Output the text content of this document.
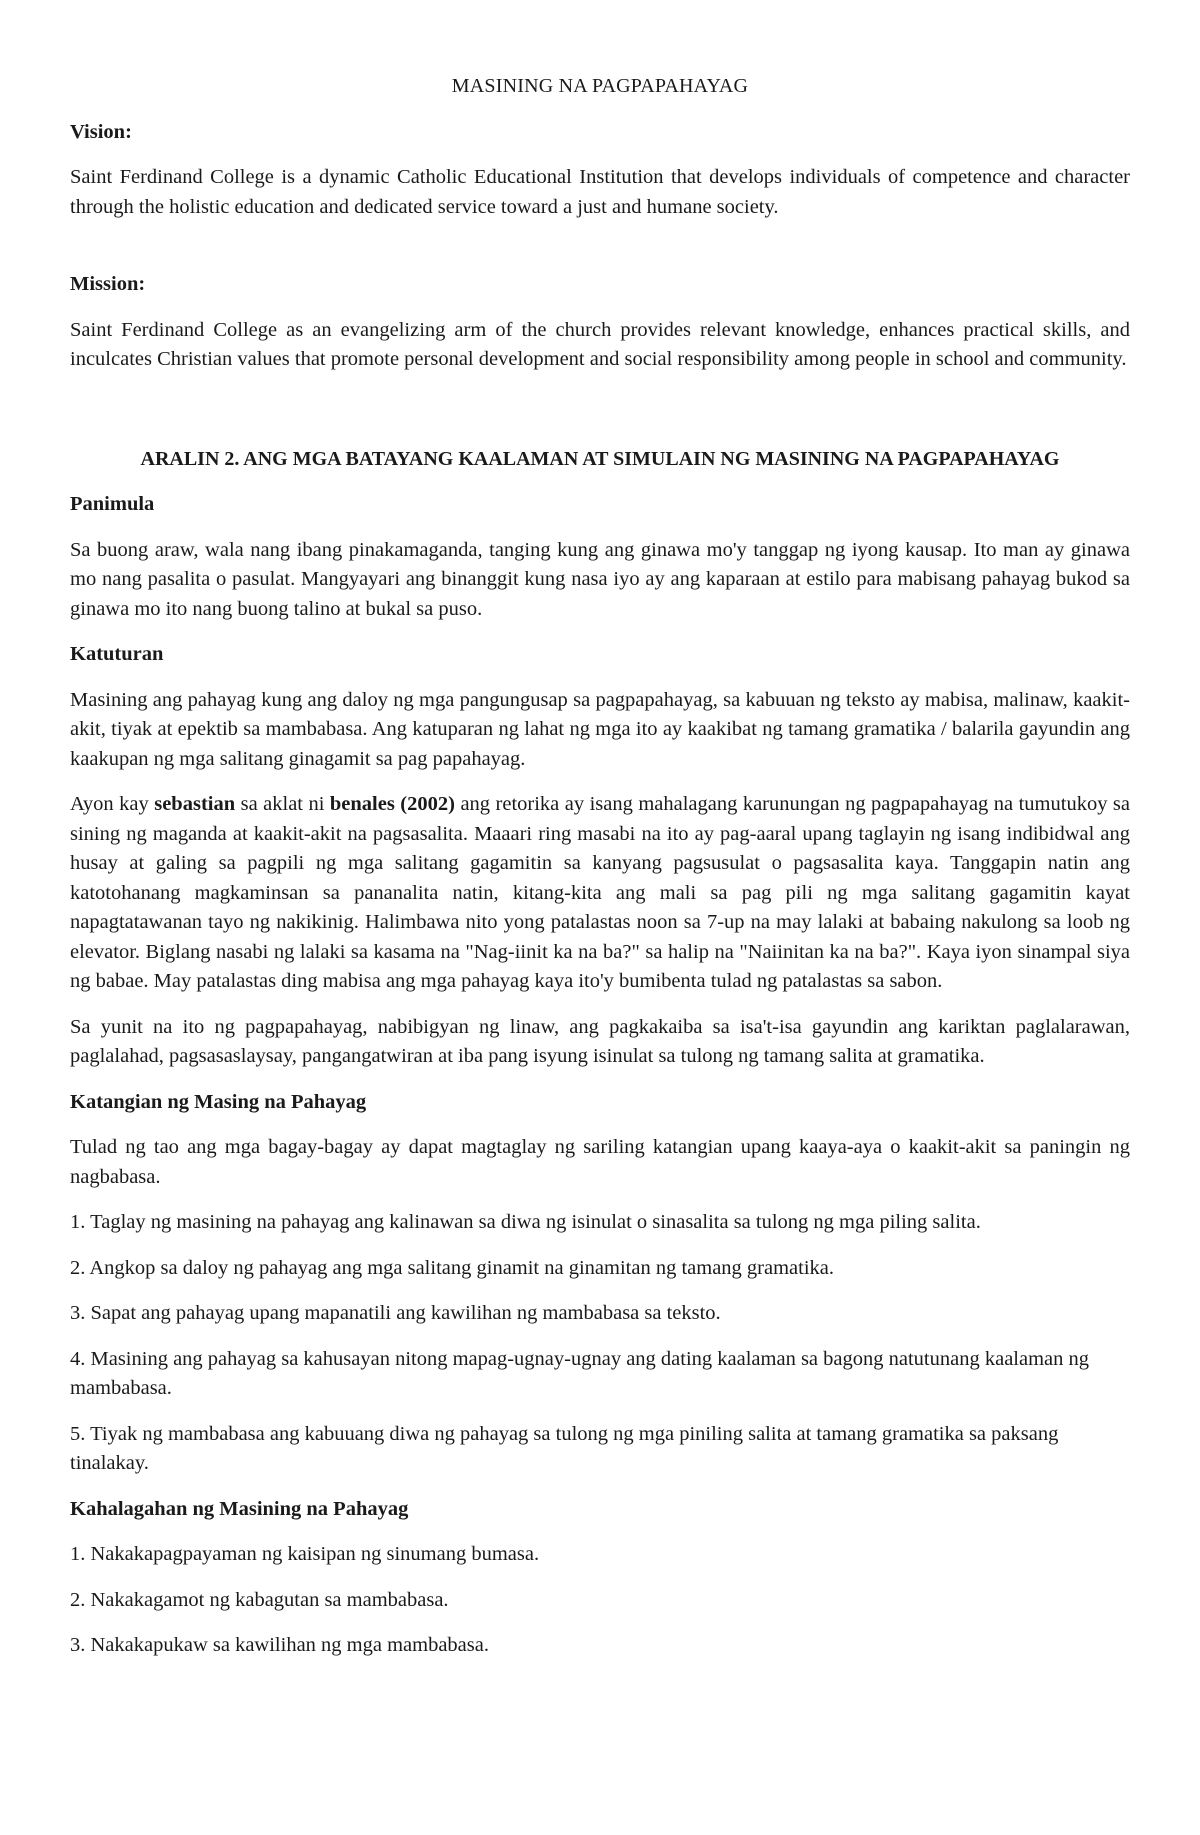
MASINING NA PAGPAPAHAYAG

Vision:

Saint Ferdinand College is a dynamic Catholic Educational Institution that develops individuals of competence and character through the holistic education and dedicated service toward a just and humane society.

Mission:

Saint Ferdinand College as an evangelizing arm of the church provides relevant knowledge, enhances practical skills, and inculcates Christian values that promote personal development and social responsibility among people in school and community.

ARALIN 2. ANG MGA BATAYANG KAALAMAN AT SIMULAIN NG MASINING NA PAGPAPAHAYAG

Panimula

Sa buong araw, wala nang ibang pinakamaganda, tanging kung ang ginawa mo'y tanggap ng iyong kausap. Ito man ay ginawa mo nang pasalita o pasulat. Mangyayari ang binanggit kung nasa iyo ay ang kaparaan at estilo para mabisang pahayag bukod sa ginawa mo ito nang buong talino at bukal sa puso.

Katuturan

Masining ang pahayag kung ang daloy ng mga pangungusap sa pagpapahayag, sa kabuuan ng teksto ay mabisa, malinaw, kaakit-akit, tiyak at epektib sa mambabasa. Ang katuparan ng lahat ng mga ito ay kaakibat ng tamang gramatika / balarila gayundin ang kaakupan ng mga salitang ginagamit sa pag papahayag.

Ayon kay sebastian sa aklat ni benales (2002) ang retorika ay isang mahalagang karunungan ng pagpapahayag na tumutukoy sa sining ng maganda at kaakit-akit na pagsasalita. Maaari ring masabi na ito ay pag-aaral upang taglayin ng isang indibidwal ang husay at galing sa pagpili ng mga salitang gagamitin sa kanyang pagsusulat o pagsasalita kaya. Tanggapin natin ang katotohanang magkaminsan sa pananalita natin, kitang-kita ang mali sa pag pili ng mga salitang gagamitin kayat napagtatawanan tayo ng nakikinig. Halimbawa nito yong patalastas noon sa 7-up na may lalaki at babaing nakulong sa loob ng elevator. Biglang nasabi ng lalaki sa kasama na "Nag-iinit ka na ba?" sa halip na "Naiinitan ka na ba?". Kaya iyon sinampal siya ng babae. May patalastas ding mabisa ang mga pahayag kaya ito'y bumibenta tulad ng patalastas sa sabon.

Sa yunit na ito ng pagpapahayag, nabibigyan ng linaw, ang pagkakaiba sa isa't-isa gayundin ang kariktan paglalarawan, paglalahad, pagsasaslaysay, pangangatwiran at iba pang isyung isinulat sa tulong ng tamang salita at gramatika.

Katangian ng Masing na Pahayag

Tulad ng tao ang mga bagay-bagay ay dapat magtaglay ng sariling katangian upang kaaya-aya o kaakit-akit sa paningin ng nagbabasa.

1. Taglay ng masining na pahayag ang kalinawan sa diwa ng isinulat o sinasalita sa tulong ng mga piling salita.

2. Angkop sa daloy ng pahayag ang mga salitang ginamit na ginamitan ng tamang gramatika.

3. Sapat ang pahayag upang mapanatili ang kawilihan ng mambabasa sa teksto.

4. Masining ang pahayag sa kahusayan nitong mapag-ugnay-ugnay ang dating kaalaman sa bagong natutunang kaalaman ng mambabasa.

5. Tiyak ng mambabasa ang kabuuang diwa ng pahayag sa tulong ng mga piniling salita at tamang gramatika sa paksang tinalakay.

Kahalagahan ng Masining na Pahayag

1. Nakakapagpayaman ng kaisipan ng sinumang bumasa.

2. Nakakagamot ng kabagutan sa mambabasa.

3. Nakakapukaw sa kawilihan ng mga mambabasa.
